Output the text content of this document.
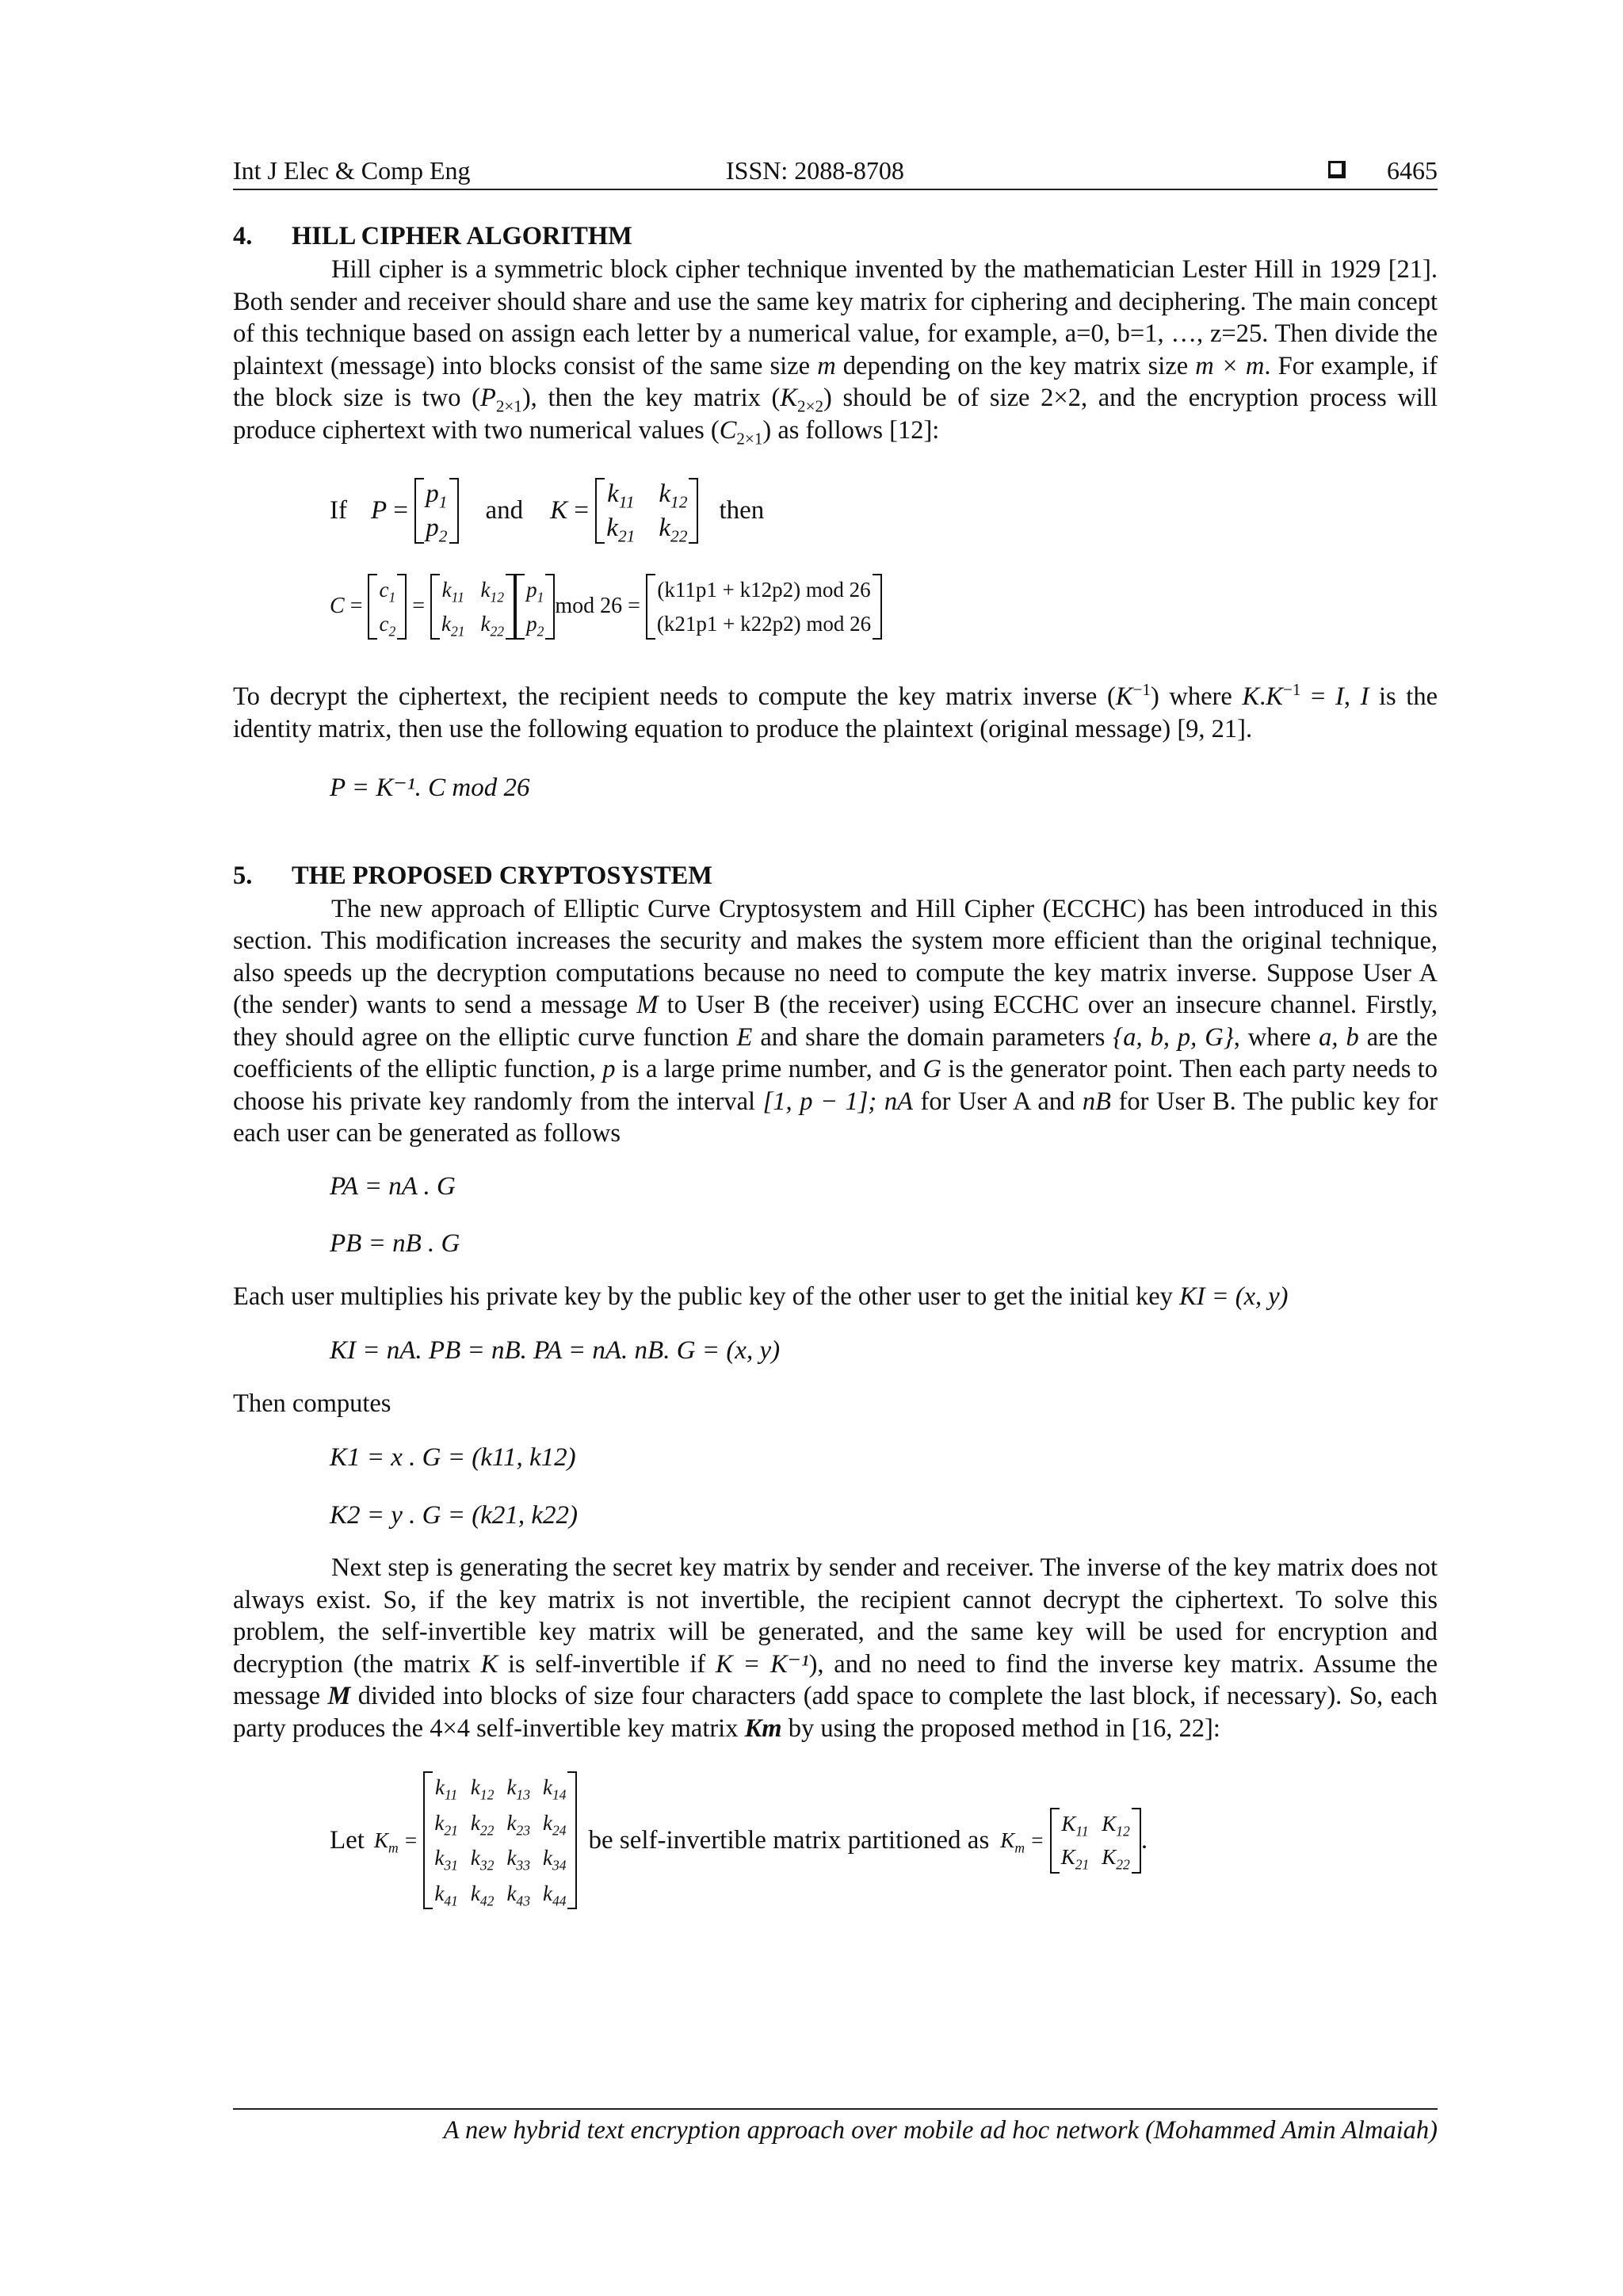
Int J Elec & Comp Eng	ISSN: 2088-8708	6465
4. HILL CIPHER ALGORITHM

Hill cipher is a symmetric block cipher technique invented by the mathematician Lester Hill in 1929 [21]. Both sender and receiver should share and use the same key matrix for ciphering and deciphering. The main concept of this technique based on assign each letter by a numerical value, for example, a=0, b=1, …, z=25. Then divide the plaintext (message) into blocks consist of the same size m depending on the key matrix size m × m. For example, if the block size is two $(P_{2\times 1})$, then the key matrix $(K_{2\times 2})$ should be of size 2×2, and the encryption process will produce ciphertext with two numerical values $(C_{2\times 1})$ as follows [12]:

If P =
$p_1$
$p_2$
and K =
$k_{11}$ $k_{12}$
$k_{21}$ $k_{22}$
then
C =
$c_1$
$c_2$
=
$k_{11}$ $k_{12}$
$k_{21}$ $k_{22}$
$p_1$
$p_2$
mod 26 =
(k11p1 + k12p2) mod 26
(k21p1 + k22p2) mod 26

To decrypt the ciphertext, the recipient needs to compute the key matrix inverse $(K^{-1})$ where $K.K^{-1} = I$, I is the identity matrix, then use the following equation to produce the plaintext (original message) [9, 21].

P = K⁻¹. C mod 26
5. THE PROPOSED CRYPTOSYSTEM

The new approach of Elliptic Curve Cryptosystem and Hill Cipher (ECCHC) has been introduced in this section. This modification increases the security and makes the system more efficient than the original technique, also speeds up the decryption computations because no need to compute the key matrix inverse. Suppose User A (the sender) wants to send a message M to User B (the receiver) using ECCHC over an insecure channel. Firstly, they should agree on the elliptic curve function E and share the domain parameters {a, b, p, G}, where a, b are the coefficients of the elliptic function, p is a large prime number, and G is the generator point. Then each party needs to choose his private key randomly from the interval [1, p − 1]; nA for User A and nB for User B. The public key for each user can be generated as follows

PA = nA . G
PB = nB . G

Each user multiplies his private key by the public key of the other user to get the initial key KI = (x, y)

KI = nA. PB = nB. PA = nA. nB. G = (x, y)

Then computes

K1 = x . G = (k11, k12)
K2 = y . G = (k21, k22)

Next step is generating the secret key matrix by sender and receiver. The inverse of the key matrix does not always exist. So, if the key matrix is not invertible, the recipient cannot decrypt the ciphertext. To solve this problem, the self-invertible key matrix will be generated, and the same key will be used for encryption and decryption (the matrix K is self-invertible if K = K⁻¹), and no need to find the inverse key matrix. Assume the message M divided into blocks of size four characters (add space to complete the last block, if necessary). So, each party produces the 4×4 self-invertible key matrix Km by using the proposed method in [16, 22]:

Let $K_m$
=

$k_{11}$ $k_{12}$ $k_{13}$ $k_{14}$
$k_{21}$ $k_{22}$ $k_{23}$ $k_{24}$
$k_{31}$ $k_{32}$ $k_{33}$ $k_{34}$
$k_{41}$ $k_{42}$ $k_{43}$ $k_{44}$
be self-invertible matrix partitioned as $K_m$
=

$K_{11}$ $K_{12}$
$K_{21}$ $K_{22}$
.
A new hybrid text encryption approach over mobile ad hoc network (Mohammed Amin Almaiah)
